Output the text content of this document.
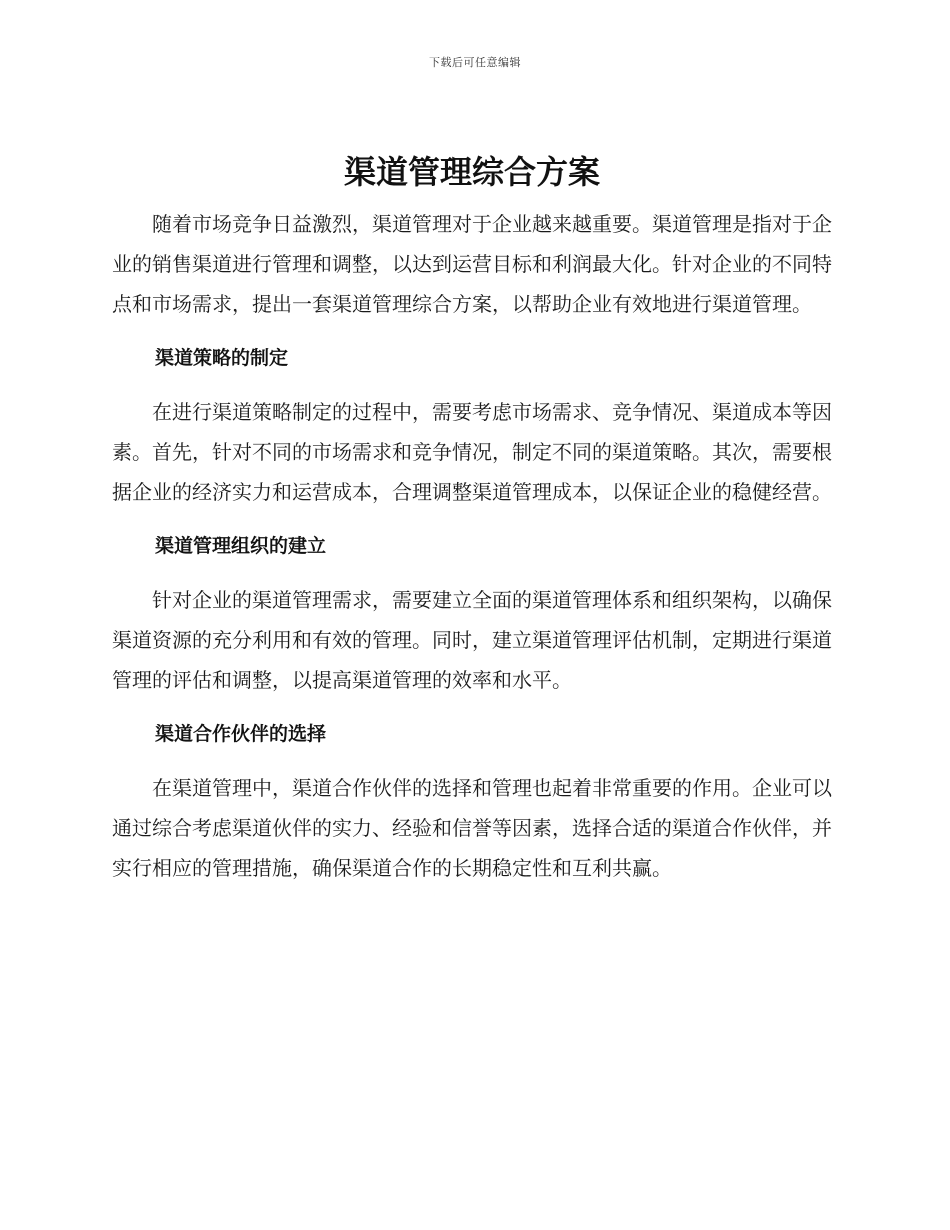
下载后可任意编辑
渠道管理综合方案

随着市场竞争日益激烈，渠道管理对于企业越来越重要。渠道管理是指对于企业的销售渠道进行管理和调整，以达到运营目标和利润最大化。针对企业的不同特点和市场需求，提出一套渠道管理综合方案，以帮助企业有效地进行渠道管理。

渠道策略的制定

在进行渠道策略制定的过程中，需要考虑市场需求、竞争情况、渠道成本等因素。首先，针对不同的市场需求和竞争情况，制定不同的渠道策略。其次，需要根据企业的经济实力和运营成本，合理调整渠道管理成本，以保证企业的稳健经营。

渠道管理组织的建立

针对企业的渠道管理需求，需要建立全面的渠道管理体系和组织架构，以确保渠道资源的充分利用和有效的管理。同时，建立渠道管理评估机制，定期进行渠道管理的评估和调整，以提高渠道管理的效率和水平。

渠道合作伙伴的选择

在渠道管理中，渠道合作伙伴的选择和管理也起着非常重要的作用。企业可以通过综合考虑渠道伙伴的实力、经验和信誉等因素，选择合适的渠道合作伙伴，并实行相应的管理措施，确保渠道合作的长期稳定性和互利共赢。
